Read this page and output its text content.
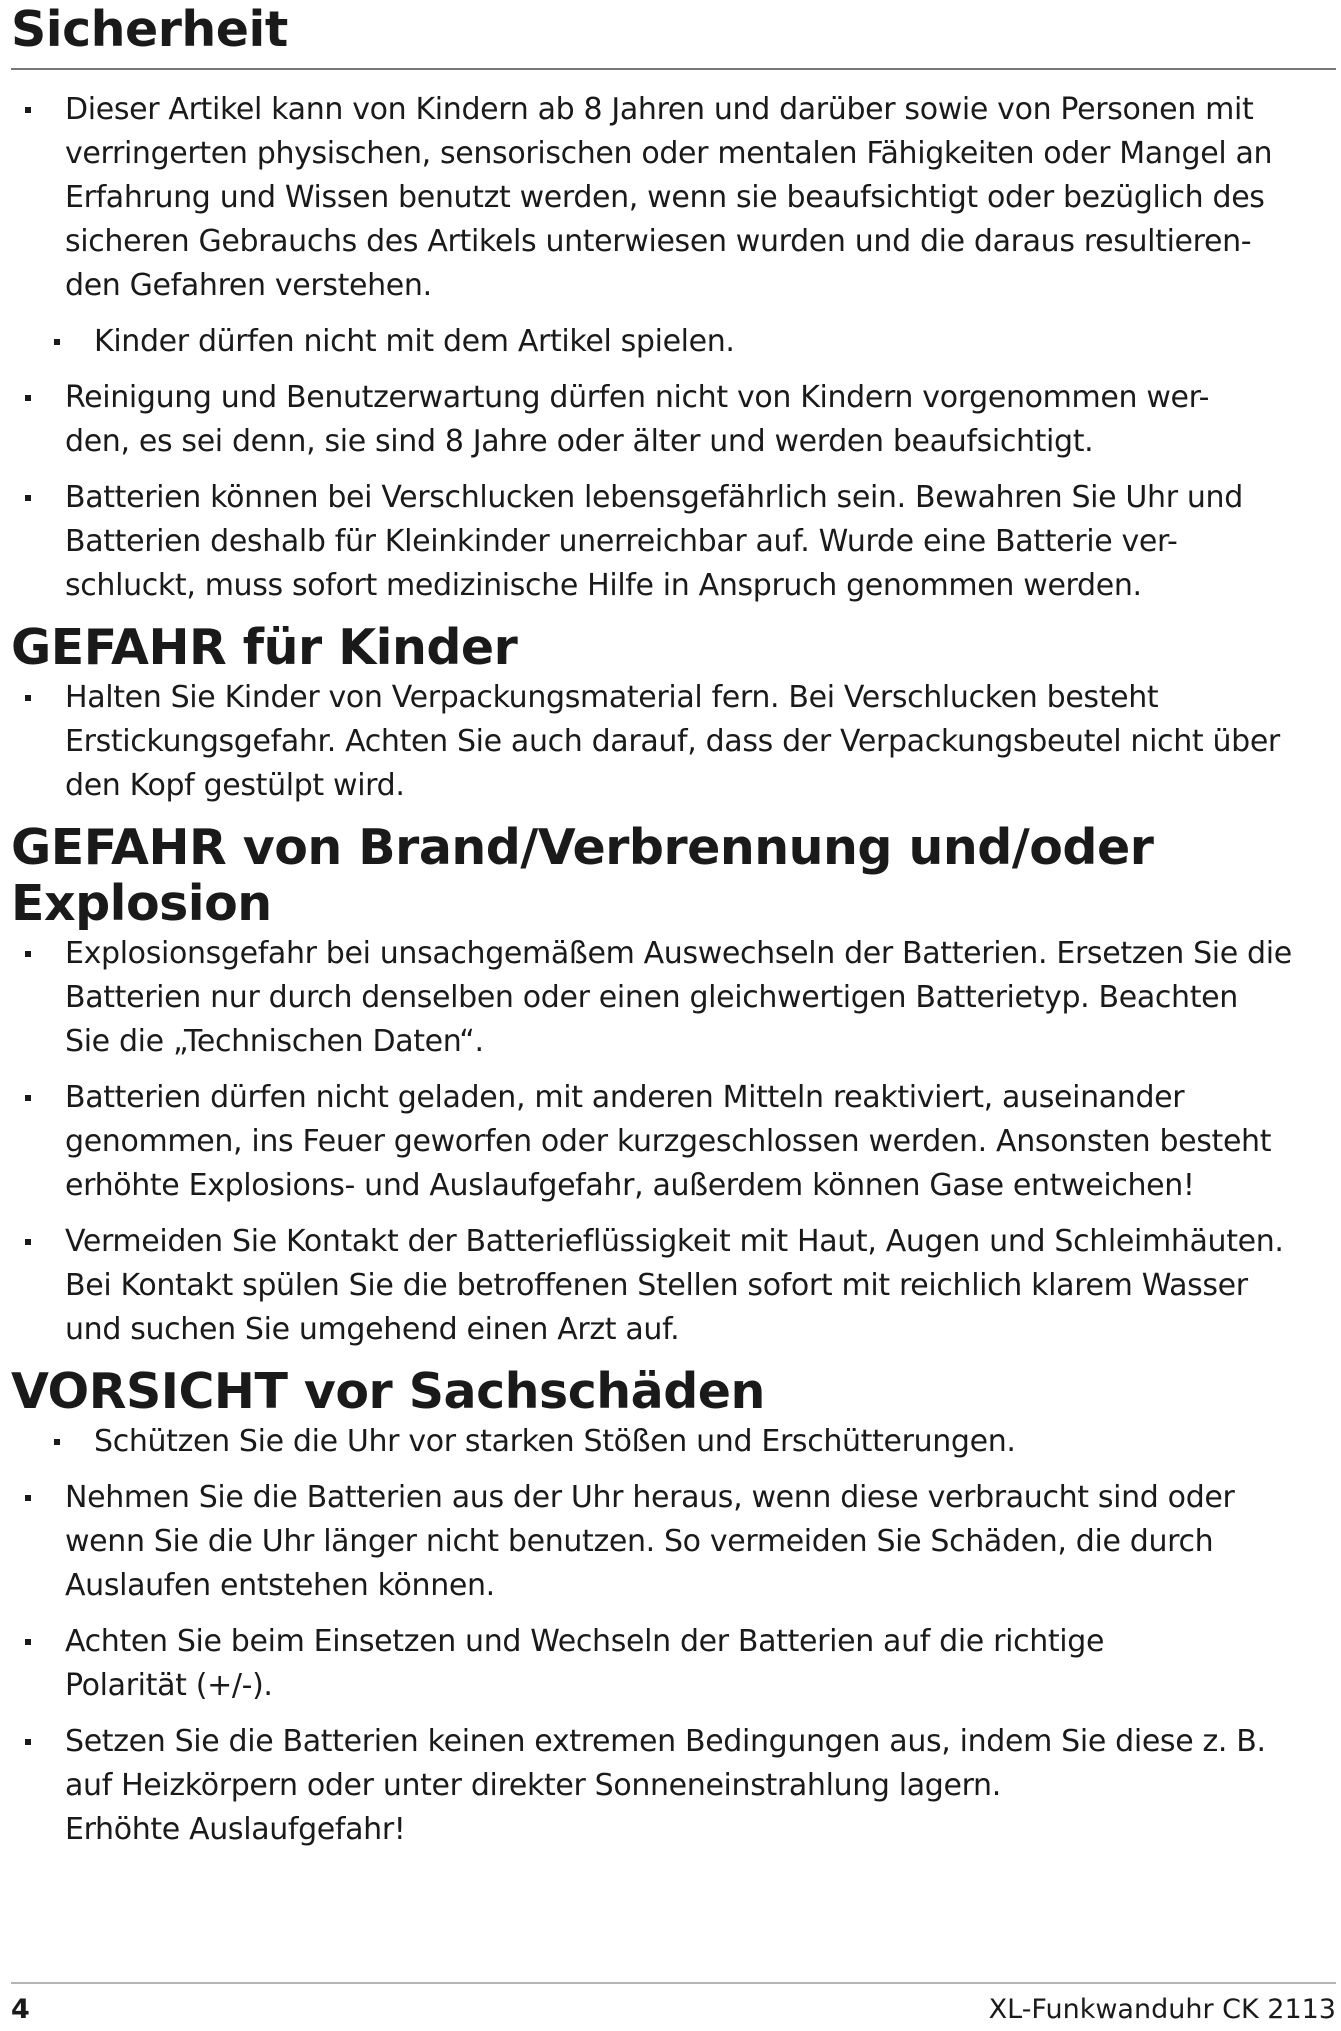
Sicherheit
Dieser Artikel kann von Kindern ab 8 Jahren und darüber sowie von Personen mit
verringerten physischen, sensorischen oder mentalen Fähigkeiten oder Mangel an
Erfahrung und Wissen benutzt werden, wenn sie beaufsichtigt oder bezüglich des
sicheren Gebrauchs des Artikels unterwiesen wurden und die daraus resultieren-
den Gefahren verstehen.
Kinder dürfen nicht mit dem Artikel spielen.
Reinigung und Benutzerwartung dürfen nicht von Kindern vorgenommen wer-
den, es sei denn, sie sind 8 Jahre oder älter und werden beaufsichtigt.
Batterien können bei Verschlucken lebensgefährlich sein. Bewahren Sie Uhr und
Batterien deshalb für Kleinkinder unerreichbar auf. Wurde eine Batterie ver-
schluckt, muss sofort medizinische Hilfe in Anspruch genommen werden.
GEFAHR für Kinder
Halten Sie Kinder von Verpackungsmaterial fern. Bei Verschlucken besteht
Erstickungsgefahr. Achten Sie auch darauf, dass der Verpackungsbeutel nicht über
den Kopf gestülpt wird.
GEFAHR von Brand/Verbrennung und/oder Explosion
Explosionsgefahr bei unsachgemäßem Auswechseln der Batterien. Ersetzen Sie die
Batterien nur durch denselben oder einen gleichwertigen Batterietyp. Beachten
Sie die „Technischen Daten“.
Batterien dürfen nicht geladen, mit anderen Mitteln reaktiviert, auseinander
genommen, ins Feuer geworfen oder kurzgeschlossen werden. Ansonsten besteht
erhöhte Explosions- und Auslaufgefahr, außerdem können Gase entweichen!
Vermeiden Sie Kontakt der Batterieflüssigkeit mit Haut, Augen und Schleimhäuten.
Bei Kontakt spülen Sie die betroffenen Stellen sofort mit reichlich klarem Wasser
und suchen Sie umgehend einen Arzt auf.
VORSICHT vor Sachschäden
Schützen Sie die Uhr vor starken Stößen und Erschütterungen.
Nehmen Sie die Batterien aus der Uhr heraus, wenn diese verbraucht sind oder
wenn Sie die Uhr länger nicht benutzen. So vermeiden Sie Schäden, die durch
Auslaufen entstehen können.
Achten Sie beim Einsetzen und Wechseln der Batterien auf die richtige
Polarität (+/-).
Setzen Sie die Batterien keinen extremen Bedingungen aus, indem Sie diese z. B.
auf Heizkörpern oder unter direkter Sonneneinstrahlung lagern.
Erhöhte Auslaufgefahr!
4	XL-Funkwanduhr CK 2113
